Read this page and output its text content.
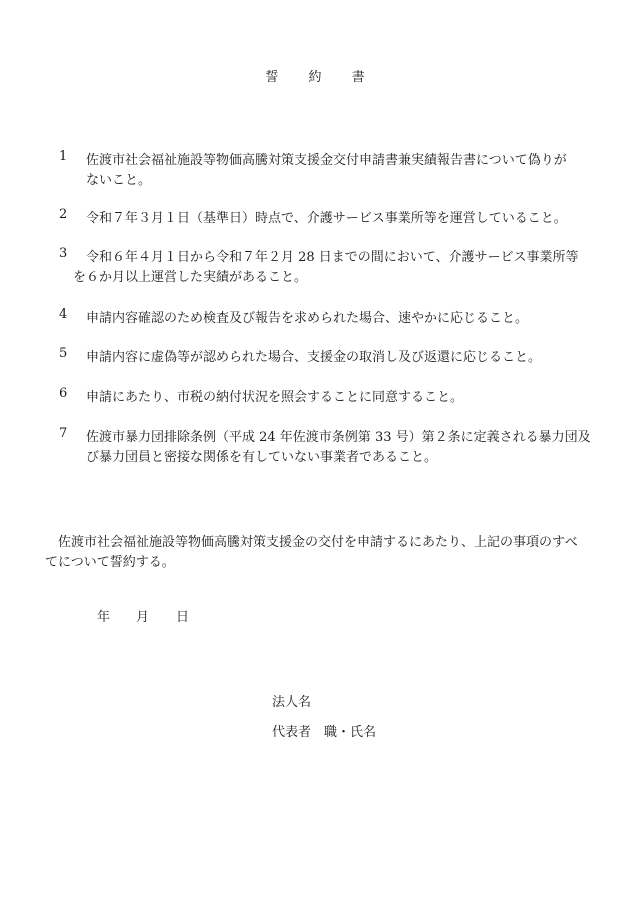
誓 約 書
1 佐渡市社会福祉施設等物価高騰対策支援金交付申請書兼実績報告書について偽りが
ないこと。
2 令和７年３月１日（基準日）時点で、介護サービス事業所等を運営していること。
3 令和６年４月１日から令和７年２月 28 日までの間において、介護サービス事業所等
を６か月以上運営した実績があること。
4 申請内容確認のため検査及び報告を求められた場合、速やかに応じること。
5 申請内容に虚偽等が認められた場合、支援金の取消し及び返還に応じること。
6 申請にあたり、市税の納付状況を照会することに同意すること。
7 佐渡市暴力団排除条例（平成 24 年佐渡市条例第 33 号）第２条に定義される暴力団及
び暴力団員と密接な関係を有していない事業者であること。
佐渡市社会福祉施設等物価高騰対策支援金の交付を申請するにあたり、上記の事項のすべ
てについて誓約する。
年 月 日
法人名
代表者　職・氏名
